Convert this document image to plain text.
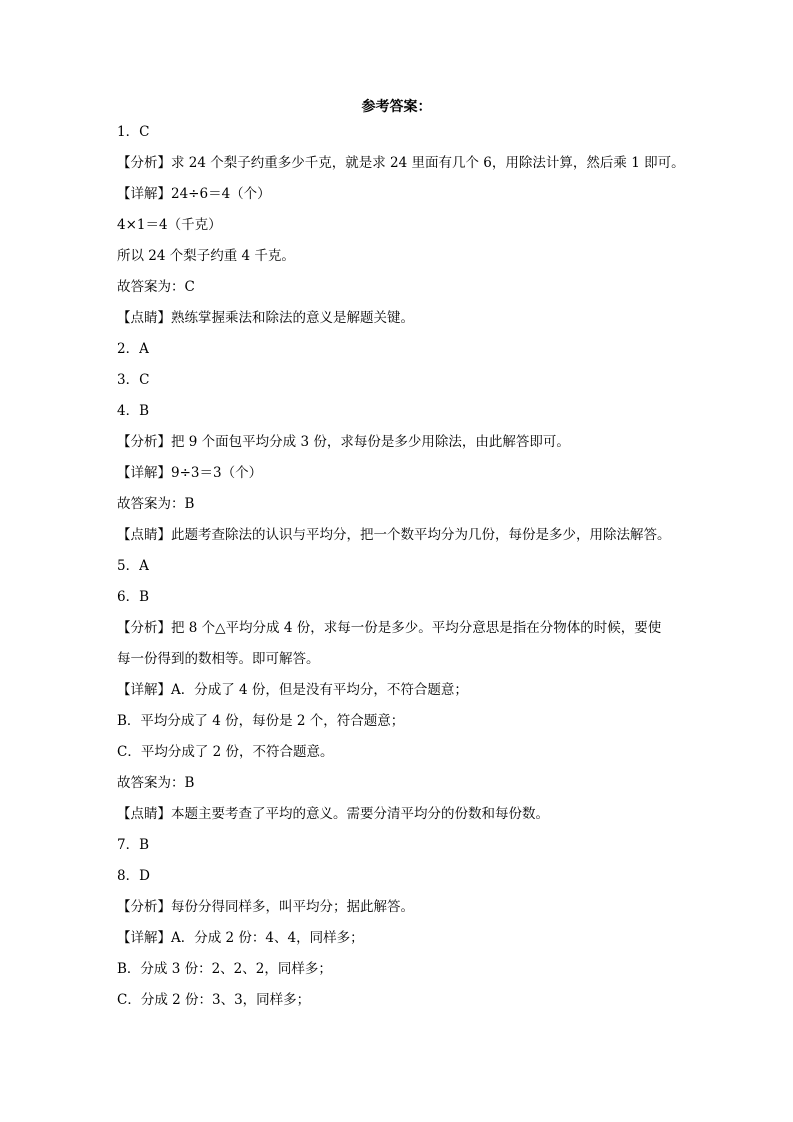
参考答案：
1．C
【分析】求 24 个梨子约重多少千克，就是求 24 里面有几个 6，用除法计算，然后乘 1 即可。
【详解】24÷6＝4（个）
4×1＝4（千克）
所以 24 个梨子约重 4 千克。
故答案为：C
【点睛】熟练掌握乘法和除法的意义是解题关键。
2．A
3．C
4．B
【分析】把 9 个面包平均分成 3 份，求每份是多少用除法，由此解答即可。
【详解】9÷3＝3（个）
故答案为：B
【点睛】此题考查除法的认识与平均分，把一个数平均分为几份，每份是多少，用除法解答。
5．A
6．B
【分析】把 8 个△平均分成 4 份，求每一份是多少。平均分意思是指在分物体的时候，要使
每一份得到的数相等。即可解答。
【详解】A．分成了 4 份，但是没有平均分，不符合题意；
B．平均分成了 4 份，每份是 2 个，符合题意；
C．平均分成了 2 份，不符合题意。
故答案为：B
【点睛】本题主要考查了平均的意义。需要分清平均分的份数和每份数。
7．B
8．D
【分析】每份分得同样多，叫平均分；据此解答。
【详解】A．分成 2 份：4、4，同样多；
B．分成 3 份：2、2、2，同样多；
C．分成 2 份：3、3，同样多；
